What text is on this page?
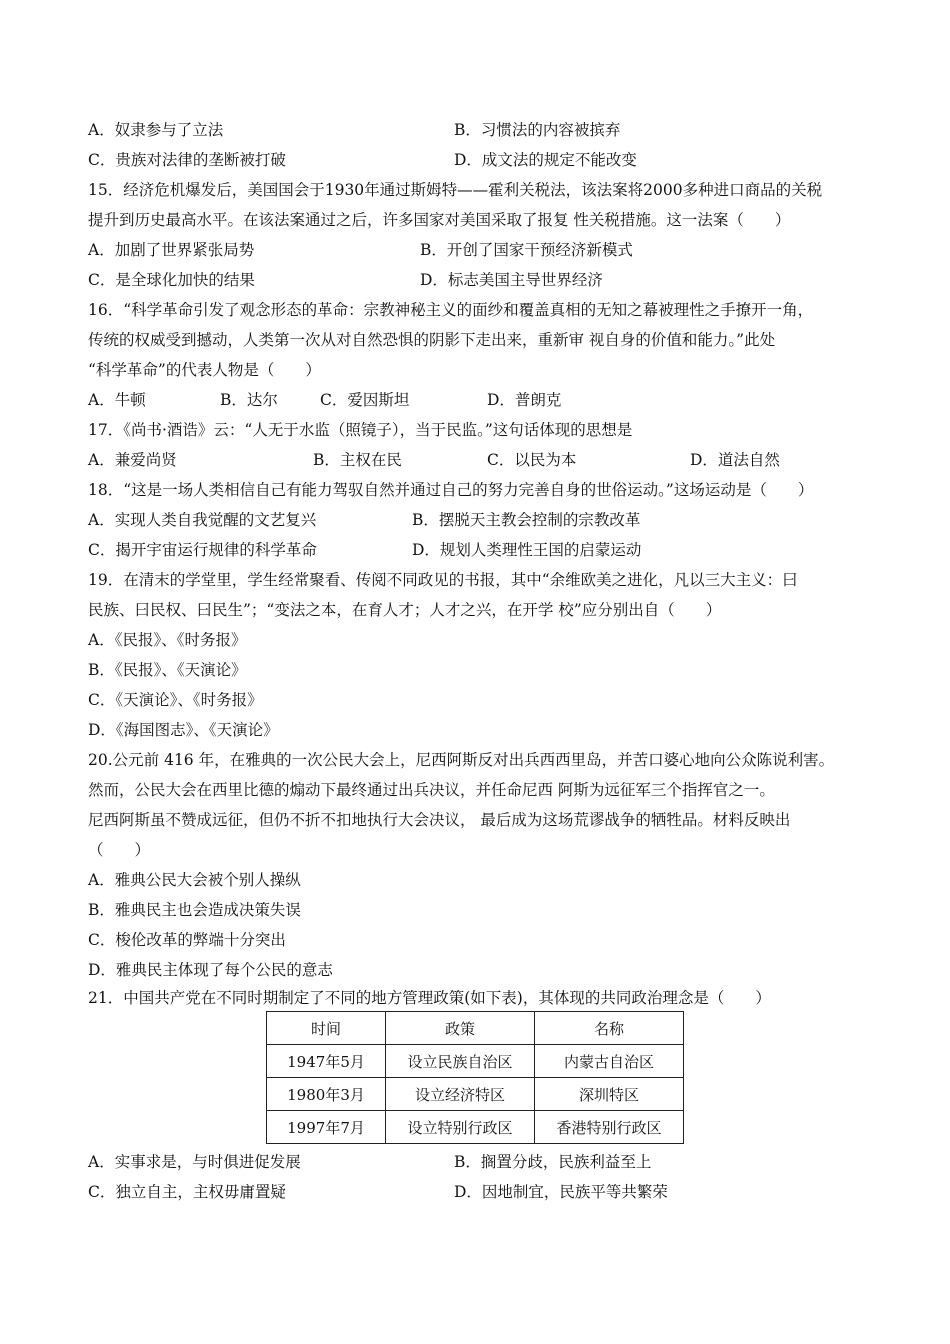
A．奴隶参与了立法	B．习惯法的内容被摈弃
C．贵族对法律的垄断被打破	D．成文法的规定不能改变
15．经济危机爆发后，美国国会于1930年通过斯姆特——霍利关税法，该法案将2000多种进口商品的关税
提升到历史最高水平。在该法案通过之后，许多国家对美国采取了报复 性关税措施。这一法案（　　）
A．加剧了世界紧张局势	B．开创了国家干预经济新模式
C．是全球化加快的结果	D．标志美国主导世界经济
16．“科学革命引发了观念形态的革命：宗教神秘主义的面纱和覆盖真相的无知之幕被理性之手撩开一角，
传统的权威受到撼动，人类第一次从对自然恐惧的阴影下走出来，重新审 视自身的价值和能力。”此处
“科学革命”的代表人物是（　　）
A．牛顿	B．达尔	C．爱因斯坦	D．普朗克
17．《尚书·酒诰》云：“人无于水监（照镜子），当于民监。”这句话体现的思想是
A．兼爱尚贤	B．主权在民	C．以民为本	D．道法自然
18．“这是一场人类相信自己有能力驾驭自然并通过自己的努力完善自身的世俗运动。”这场运动是（　　）
A．实现人类自我觉醒的文艺复兴	B．摆脱天主教会控制的宗教改革
C．揭开宇宙运行规律的科学革命	D．规划人类理性王国的启蒙运动
19．在清末的学堂里，学生经常聚看、传阅不同政见的书报，其中“余维欧美之进化，凡以三大主义：曰
民族、曰民权、曰民生”；“变法之本，在育人才；人才之兴，在开学 校”应分别出自（　　）
A．《民报》、《时务报》
B．《民报》、《天演论》
C．《天演论》、《时务报》
D．《海国图志》、《天演论》
20.公元前 416 年，在雅典的一次公民大会上，尼西阿斯反对出兵西西里岛，并苦口婆心地向公众陈说利害。
然而，公民大会在西里比德的煽动下最终通过出兵决议，并任命尼西 阿斯为远征军三个指挥官之一。
尼西阿斯虽不赞成远征，但仍不折不扣地执行大会决议， 最后成为这场荒谬战争的牺牲品。材料反映出
（　　）
A．雅典公民大会被个别人操纵
B．雅典民主也会造成决策失误
C．梭伦改革的弊端十分突出
D．雅典民主体现了每个公民的意志
21．中国共产党在不同时期制定了不同的地方管理政策(如下表)，其体现的共同政治理念是（　　）
时间	政策	名称
1947年5月	设立民族自治区	内蒙古自治区
1980年3月	设立经济特区	深圳特区
1997年7月	设立特别行政区	香港特别行政区
A．实事求是，与时俱进促发展	B．搁置分歧，民族利益至上
C．独立自主，主权毋庸置疑	D．因地制宜，民族平等共繁荣
